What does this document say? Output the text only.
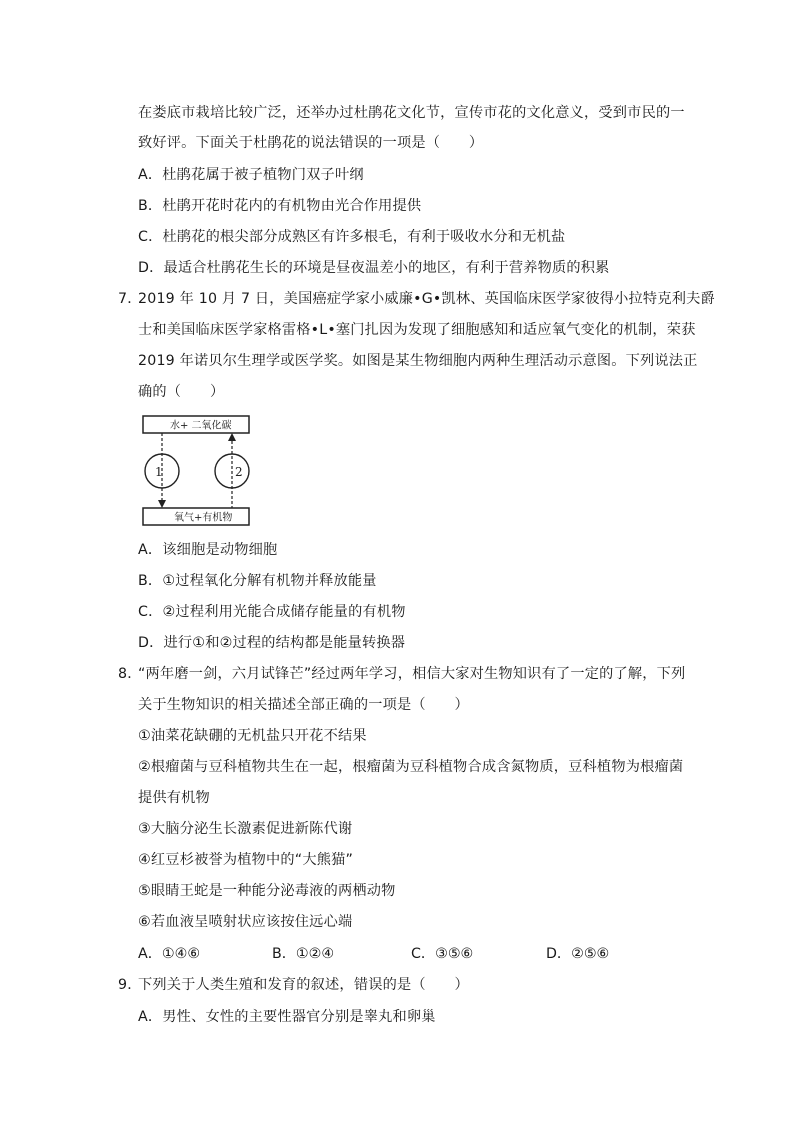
在娄底市栽培比较广泛，还举办过杜鹃花文化节，宣传市花的文化意义，受到市民的一
致好评。下面关于杜鹃花的说法错误的一项是（　　）
A．杜鹃花属于被子植物门双子叶纲
B．杜鹃开花时花内的有机物由光合作用提供
C．杜鹃花的根尖部分成熟区有许多根毛，有利于吸收水分和无机盐
D．最适合杜鹃花生长的环境是昼夜温差小的地区，有利于营养物质的积累
7．
2019 年 10 月 7 日，美国癌症学家小威廉•G•凯林、英国临床医学家彼得小拉特克利夫爵
士和美国临床医学家格雷格•L•塞门扎因为发现了细胞感知和适应氧气变化的机制，荣获
2019 年诺贝尔生理学或医学奖。如图是某生物细胞内两种生理活动示意图。下列说法正
确的（　　）
水+ 二氧化碳
氧气+有机物
1	2
A．该细胞是动物细胞
B．①过程氧化分解有机物并释放能量
C．②过程利用光能合成储存能量的有机物
D．进行①和②过程的结构都是能量转换器
8．
“两年磨一剑，六月试锋芒”经过两年学习，相信大家对生物知识有了一定的了解，下列
关于生物知识的相关描述全部正确的一项是（　　）
①油菜花缺硼的无机盐只开花不结果
②根瘤菌与豆科植物共生在一起，根瘤菌为豆科植物合成含氮物质，豆科植物为根瘤菌
提供有机物
③大脑分泌生长激素促进新陈代谢
④红豆杉被誉为植物中的“大熊猫”
⑤眼睛王蛇是一种能分泌毒液的两栖动物
⑥若血液呈喷射状应该按住远心端
A．①④⑥	B．①②④	C．③⑤⑥	D．②⑤⑥
9．
下列关于人类生殖和发育的叙述，错误的是（　　）
A．男性、女性的主要性器官分别是睾丸和卵巢
